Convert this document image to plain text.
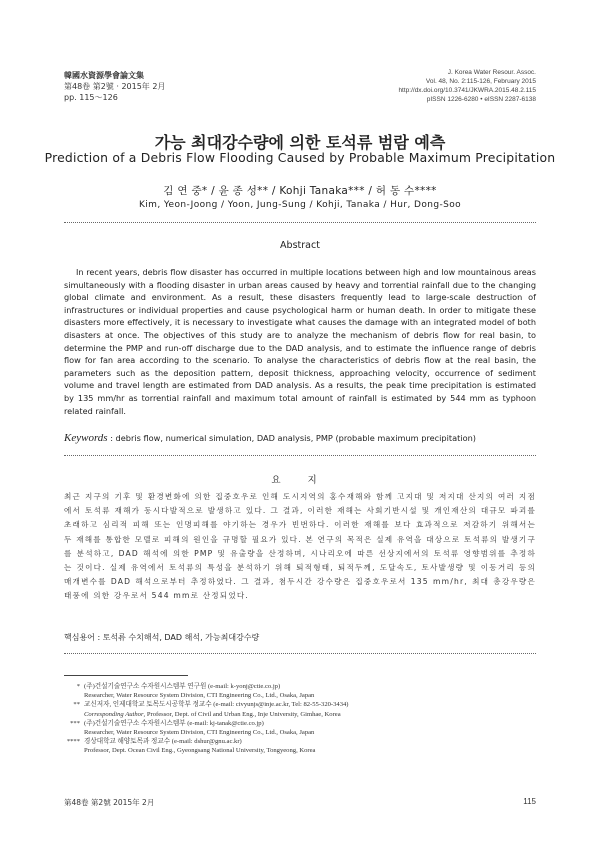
韓國水資源學會論文集
第48卷 第2號 · 2015年 2月
pp. 115～126
J. Korea Water Resour. Assoc.
Vol. 48, No. 2:115-126, February 2015
http://dx.doi.org/10.3741/JKWRA.2015.48.2.115
pISSN 1226-6280 • eISSN 2287-6138
가능 최대강수량에 의한 토석류 범람 예측
Prediction of a Debris Flow Flooding Caused by Probable Maximum Precipitation
김 연 중* / 윤 종 성** / Kohji Tanaka*** / 허 동 수****
Kim, Yeon-Joong / Yoon, Jung-Sung / Kohji, Tanaka / Hur, Dong-Soo
Abstract

In recent years, debris flow disaster has occurred in multiple locations between high and low mountainous areas simultaneously with a flooding disaster in urban areas caused by heavy and torrential rainfall due to the changing global climate and environment. As a result, these disasters frequently lead to large-scale destruction of infrastructures or individual properties and cause psychological harm or human death. In order to mitigate these disasters more effectively, it is necessary to investigate what causes the damage with an integrated model of both disasters at once. The objectives of this study are to analyze the mechanism of debris flow for real basin, to determine the PMP and run-off discharge due to the DAD analysis, and to estimate the influence range of debris flow for fan area according to the scenario. To analyse the characteristics of debris flow at the real basin, the parameters such as the deposition pattern, deposit thickness, approaching velocity, occurrence of sediment volume and travel length are estimated from DAD analysis. As a results, the peak time precipitation is estimated by 135 mm/hr as torrential rainfall and maximum total amount of rainfall is estimated by 544 mm as typhoon related rainfall.

Keywords : debris flow, numerical simulation, DAD analysis, PMP (probable maximum precipitation)
요 지

최근 지구의 기후 및 환경변화에 의한 집중호우로 인해 도시지역의 홍수재해와 함께 고지대 및 저지대 산지의 여러 지점에서 토석류 재해가 동시다발적으로 발생하고 있다. 그 결과, 이러한 재해는 사회기반시설 및 개인재산의 대규모 파괴를 초래하고 심리적 피해 또는 인명피해를 야기하는 경우가 빈번하다. 이러한 재해를 보다 효과적으로 저감하기 위해서는 두 재해를 통합한 모델로 피해의 원인을 규명할 필요가 있다. 본 연구의 목적은 실제 유역을 대상으로 토석류의 발생기구를 분석하고, DAD 해석에 의한 PMP 및 유출량을 산정하며, 시나리오에 따른 선상지에서의 토석류 영향범위를 추정하는 것이다. 실제 유역에서 토석류의 특성을 분석하기 위해 퇴적형태, 퇴적두께, 도달속도, 토사발생량 및 이동거리 등의 매개변수를 DAD 해석으로부터 추정하였다. 그 결과, 첨두시간 강수량은 집중호우로서 135 mm/hr, 최대 총강우량은 태풍에 의한 강우로서 544 mm로 산정되었다.

핵심용어 : 토석류 수치해석, DAD 해석, 가능최대강수량
* (주)건설기술연구소 수자원시스템부 연구원 (e-mail: k-yonj@ctie.co.jp)
Researcher, Water Resource System Division, CTI Engineering Co., Ltd., Osaka, Japan
** 교신저자, 인제대학교 토목도시공학부 정교수 (e-mail: civyunjs@inje.ac.kr, Tel: 82-55-320-3434)
Corresponding Author, Professor, Dept. of Civil and Urban Eng., Inje University, Gimhae, Korea
*** (주)건설기술연구소 수자원시스템부 (e-mail: kj-tanak@ctie.co.jp)
Researcher, Water Resource System Division, CTI Engineering Co., Ltd., Osaka, Japan
**** 경상대학교 해양토목과 정교수 (e-mail: dshur@gnu.ac.kr)
Professor, Dept. Ocean Civil Eng., Gyeongsang National University, Tongyeong, Korea
第48卷 第2號 2015年 2月	115
